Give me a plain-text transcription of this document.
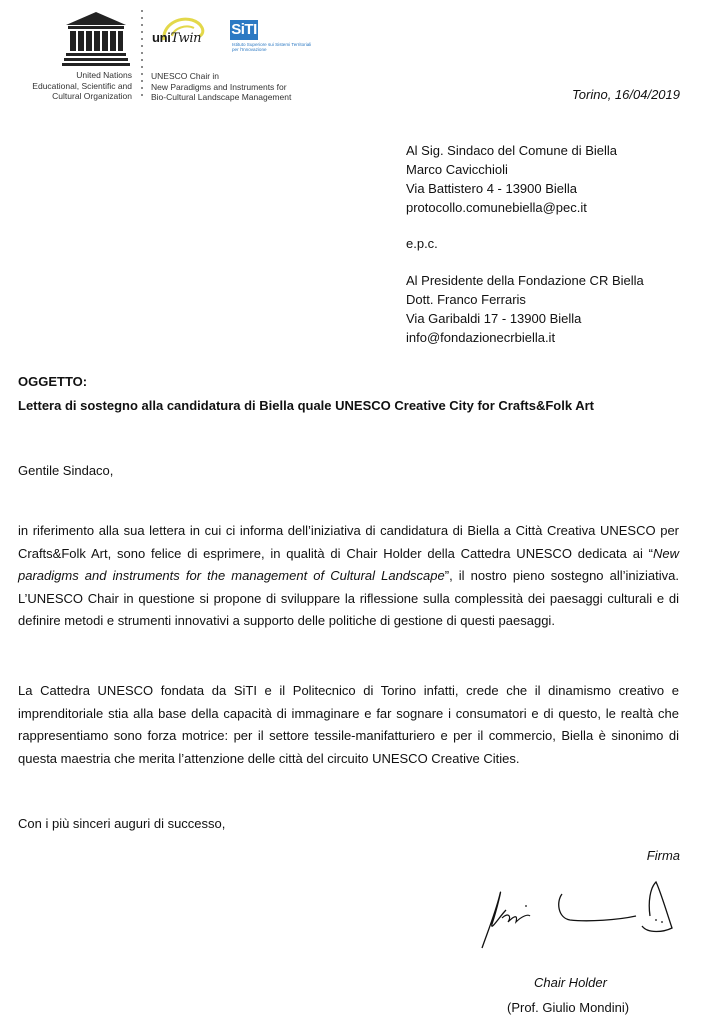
United Nations
Educational, Scientific and
Cultural Organization
uniTwin
SiTI
Istituto Superiore sui Sistemi Territoriali per l'Innovazione
UNESCO Chair in
New Paradigms and Instruments for
Bio-Cultural Landscape Management	Torino, 16/04/2019
Al Sig. Sindaco del Comune di Biella
Marco Cavicchioli
Via Battistero 4 - 13900 Biella
protocollo.comunebiella@pec.it
e.p.c.
Al Presidente della Fondazione CR Biella
Dott. Franco Ferraris
Via Garibaldi 17 - 13900 Biella
info@fondazionecrbiella.it
OGGETTO:
Lettera di sostegno alla candidatura di Biella quale UNESCO Creative City for Crafts&Folk Art
Gentile Sindaco,
in riferimento alla sua lettera in cui ci informa dell’iniziativa di candidatura di Biella a Città Creativa UNESCO per Crafts&Folk Art, sono felice di esprimere, in qualità di Chair Holder della Cattedra UNESCO dedicata ai “New paradigms and instruments for the management of Cultural Landscape”, il nostro pieno sostegno all’iniziativa. L’UNESCO Chair in questione si propone di sviluppare la riflessione sulla complessità dei paesaggi culturali e di definire metodi e strumenti innovativi a supporto delle politiche di gestione di questi paesaggi.
La Cattedra UNESCO fondata da SiTI e il Politecnico di Torino infatti, crede che il dinamismo creativo e imprenditoriale stia alla base della capacità di immaginare e far sognare i consumatori e di questo, le realtà che rappresentiamo sono forza motrice: per il settore tessile-manifatturiero e per il commercio, Biella è sinonimo di questa maestria che merita l’attenzione delle città del circuito UNESCO Creative Cities.
Con i più sinceri auguri di successo,
Firma
Chair Holder
(Prof. Giulio Mondini)
